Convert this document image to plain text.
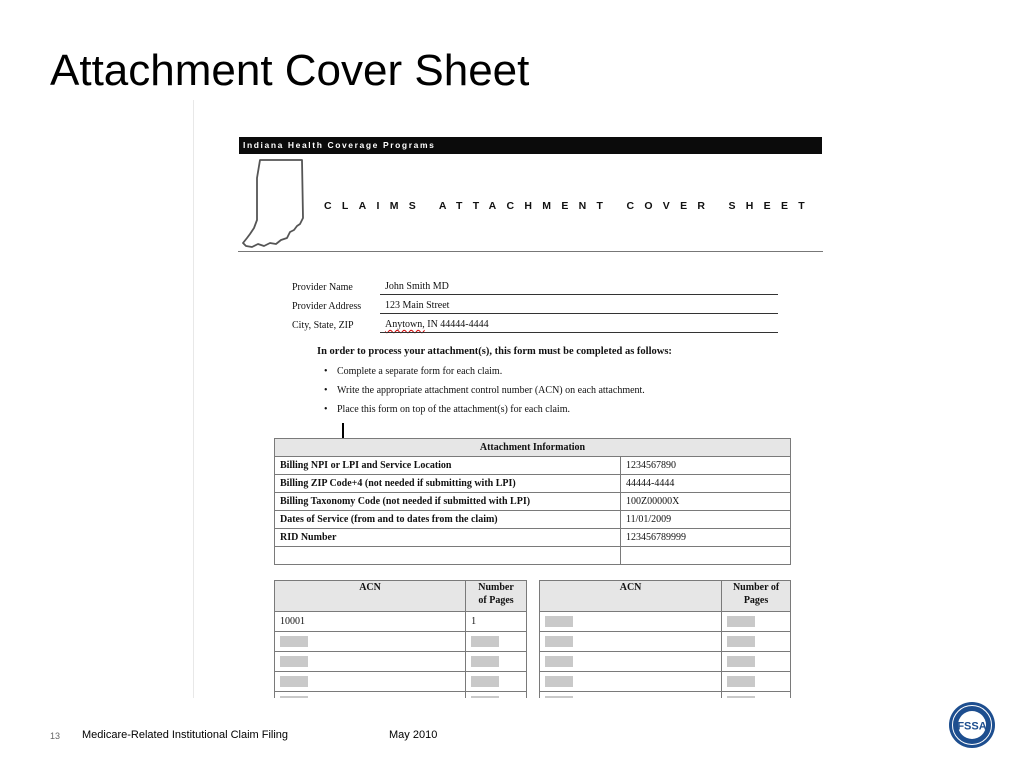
Attachment Cover Sheet
Indiana Health Coverage Programs
CLAIMS ATTACHMENT COVER SHEET
Provider Name	John Smith MD
Provider Address 123 Main Street
City, State, ZIP	Anytown, IN 44444-4444
In order to process your attachment(s), this form must be completed as follows:
• Complete a separate form for each claim.
• Write the appropriate attachment control number (ACN) on each attachment.
• Place this form on top of the attachment(s) for each claim.
Attachment Information	
Billing NPI or LPI and Service Location	1234567890
Billing ZIP Code+4 (not needed if submitting with LPI)	44444-4444
Billing Taxonomy Code (not needed if submitted with LPI)	100Z00000X
Dates of Service (from and to dates from the claim)	11/01/2009
RID Number	123456789999

ACN	Number
of Pages
10001	1

ACN	Number of
Pages

13 Medicare-Related Institutional Claim Filing	May 2010
FSSA
